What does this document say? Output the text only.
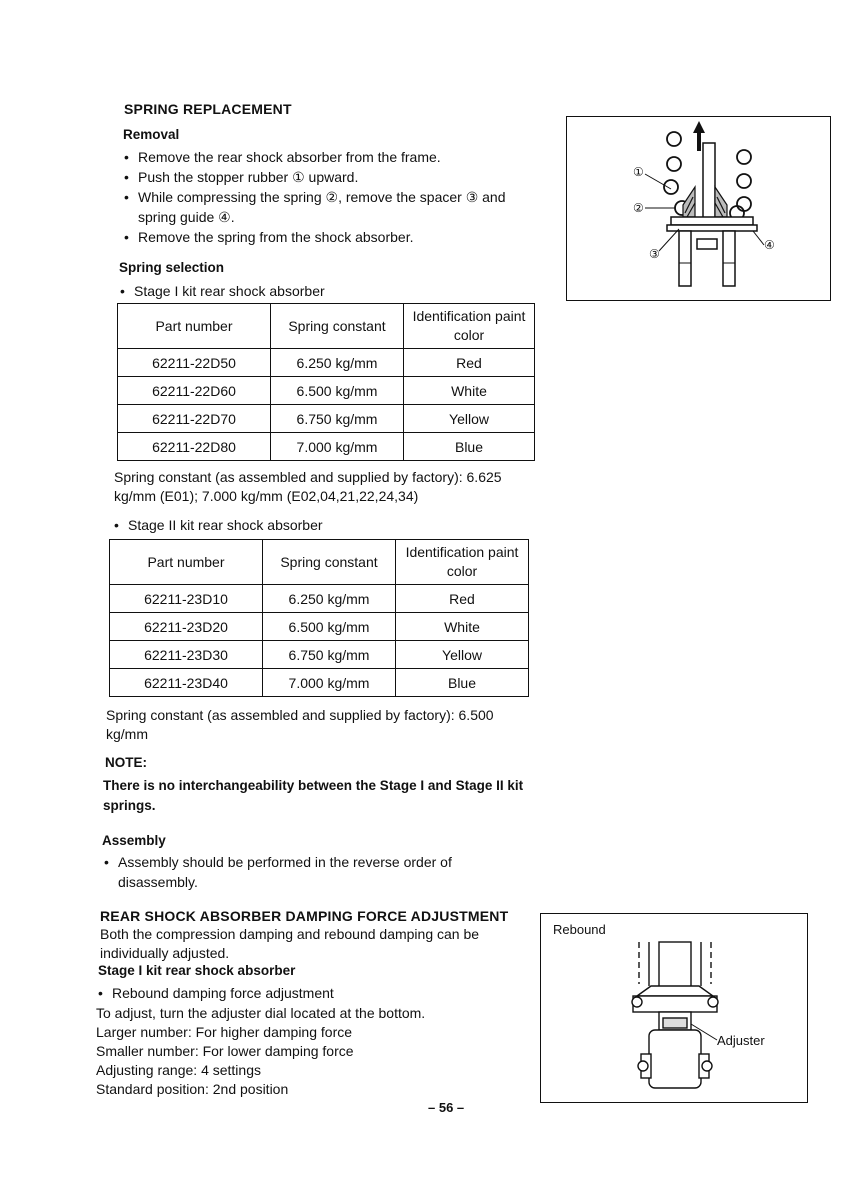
SPRING REPLACEMENT
Removal
• Remove the rear shock absorber from the frame.
• Push the stopper rubber ① upward.
• While compressing the spring ②, remove the spacer ③ and spring guide ④.
• Remove the spring from the shock absorber.
Spring selection
• Stage I kit rear shock absorber
Part number	Spring constant	Identification paint color
62211-22D50	6.250 kg/mm	Red
62211-22D60	6.500 kg/mm	White
62211-22D70	6.750 kg/mm	Yellow
62211-22D80	7.000 kg/mm	Blue
Spring constant (as assembled and supplied by factory): 6.625 kg/mm (E01); 7.000 kg/mm (E02,04,21,22,24,34)
• Stage II kit rear shock absorber
Part number	Spring constant	Identification paint color
62211-23D10	6.250 kg/mm	Red
62211-23D20	6.500 kg/mm	White
62211-23D30	6.750 kg/mm	Yellow
62211-23D40	7.000 kg/mm	Blue
Spring constant (as assembled and supplied by factory): 6.500 kg/mm
NOTE:
There is no interchangeability between the Stage I and Stage II kit springs.
Assembly
• Assembly should be performed in the reverse order of disassembly.
REAR SHOCK ABSORBER DAMPING FORCE ADJUSTMENT
Both the compression damping and rebound damping can be individually adjusted.
Stage I kit rear shock absorber
• Rebound damping force adjustment
To adjust, turn the adjuster dial located at the bottom.
Larger number: For higher damping force
Smaller number: For lower damping force
Adjusting range: 4 settings
Standard position: 2nd position
– 56 –
①
②
③
④
Rebound
Adjuster
